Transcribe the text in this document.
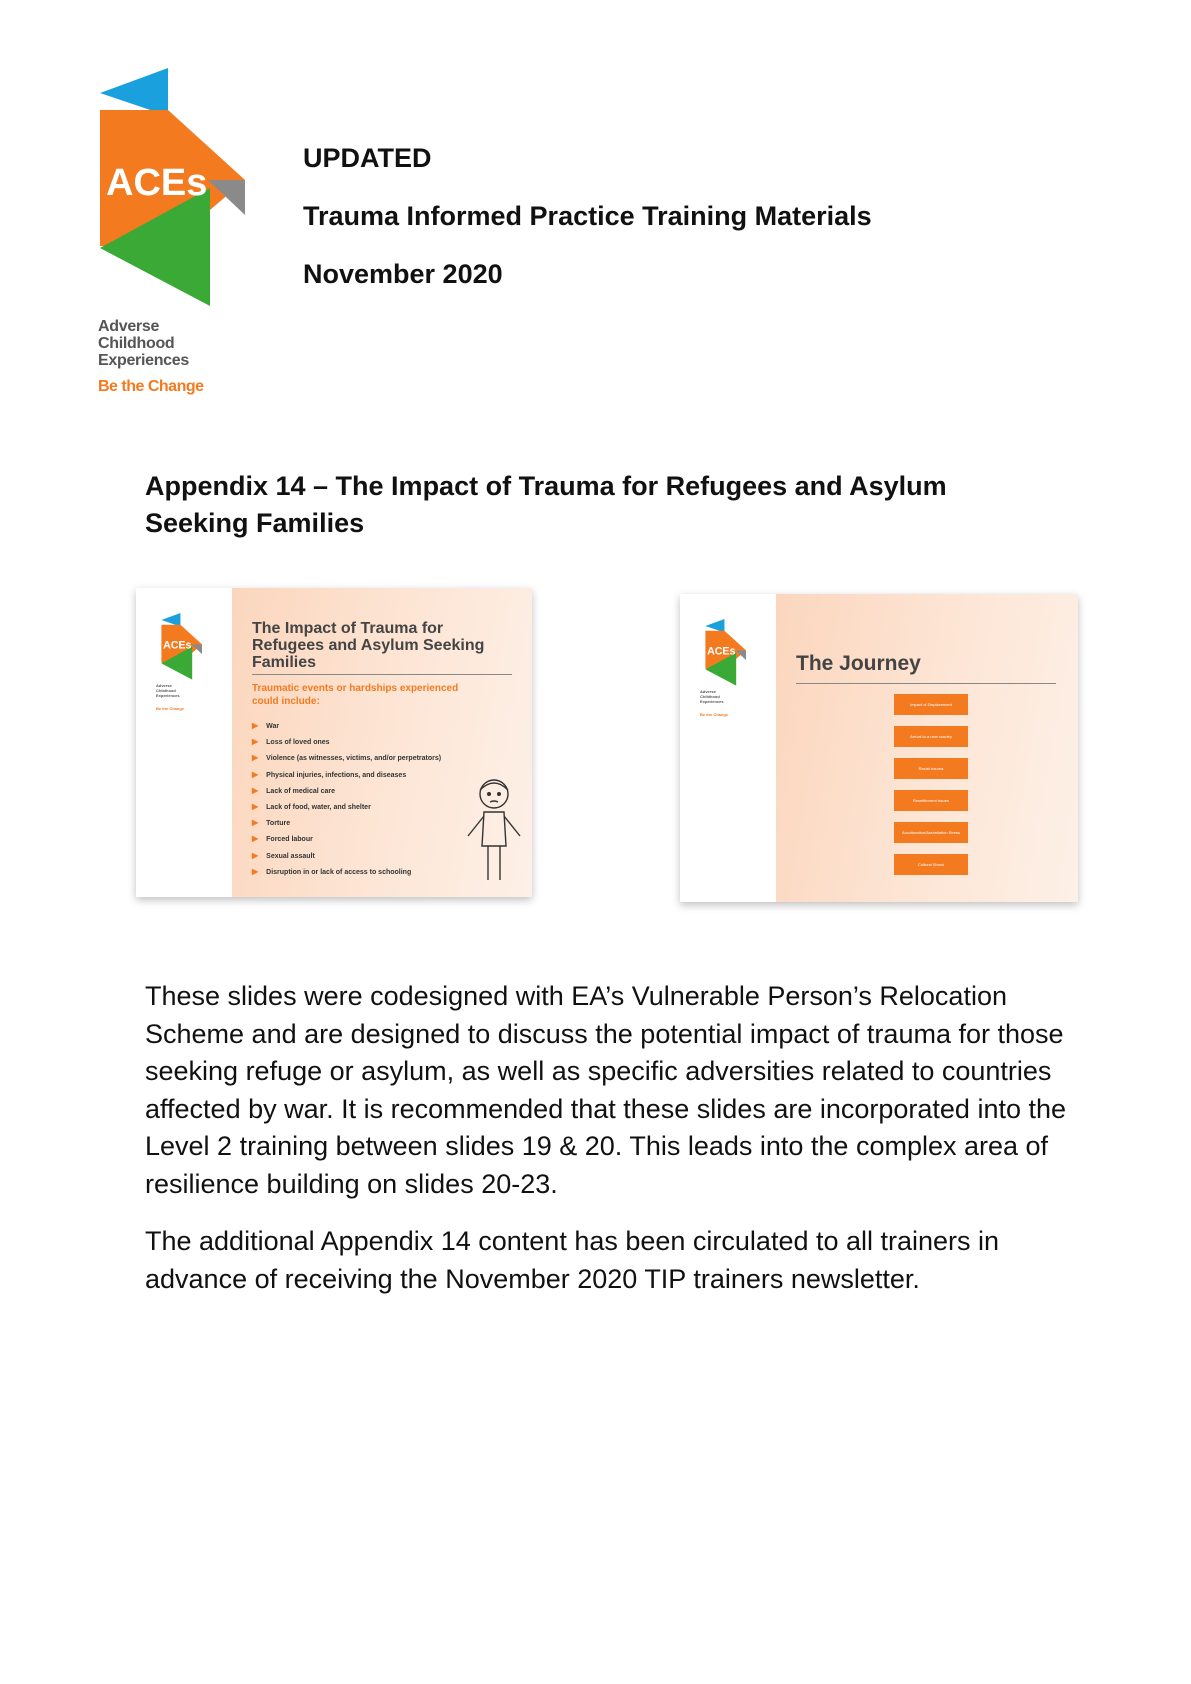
ACEs
Adverse
Childhood
Experiences
Be the Change
UPDATED
Trauma Informed Practice Training Materials
November 2020
Appendix 14 – The Impact of Trauma for Refugees and Asylum Seeking Families
ACEs
Adverse
Childhood
Experiences
Be the Change
The Impact of Trauma for Refugees and Asylum Seeking Families
Traumatic events or hardships experienced could include:
▶ War
▶ Loss of loved ones
▶ Violence (as witnesses, victims, and/or perpetrators)
▶ Physical injuries, infections, and diseases
▶ Lack of medical care
▶ Lack of food, water, and shelter
▶ Torture
▶ Forced labour
▶ Sexual assault
▶ Disruption in or lack of access to schooling
ACEs
Adverse
Childhood
Experiences
Be the Change
The Journey
Impact of Displacement
Arrival to a new country
Racial trauma
Resettlement issues
Acculturation/Assimilation Stress
Cultural Shock

These slides were codesigned with EA’s Vulnerable Person’s Relocation Scheme and are designed to discuss the potential impact of trauma for those seeking refuge or asylum, as well as specific adversities related to countries affected by war. It is recommended that these slides are incorporated into the Level 2 training between slides 19 & 20. This leads into the complex area of resilience building on slides 20-23.

The additional Appendix 14 content has been circulated to all trainers in advance of receiving the November 2020 TIP trainers newsletter.
